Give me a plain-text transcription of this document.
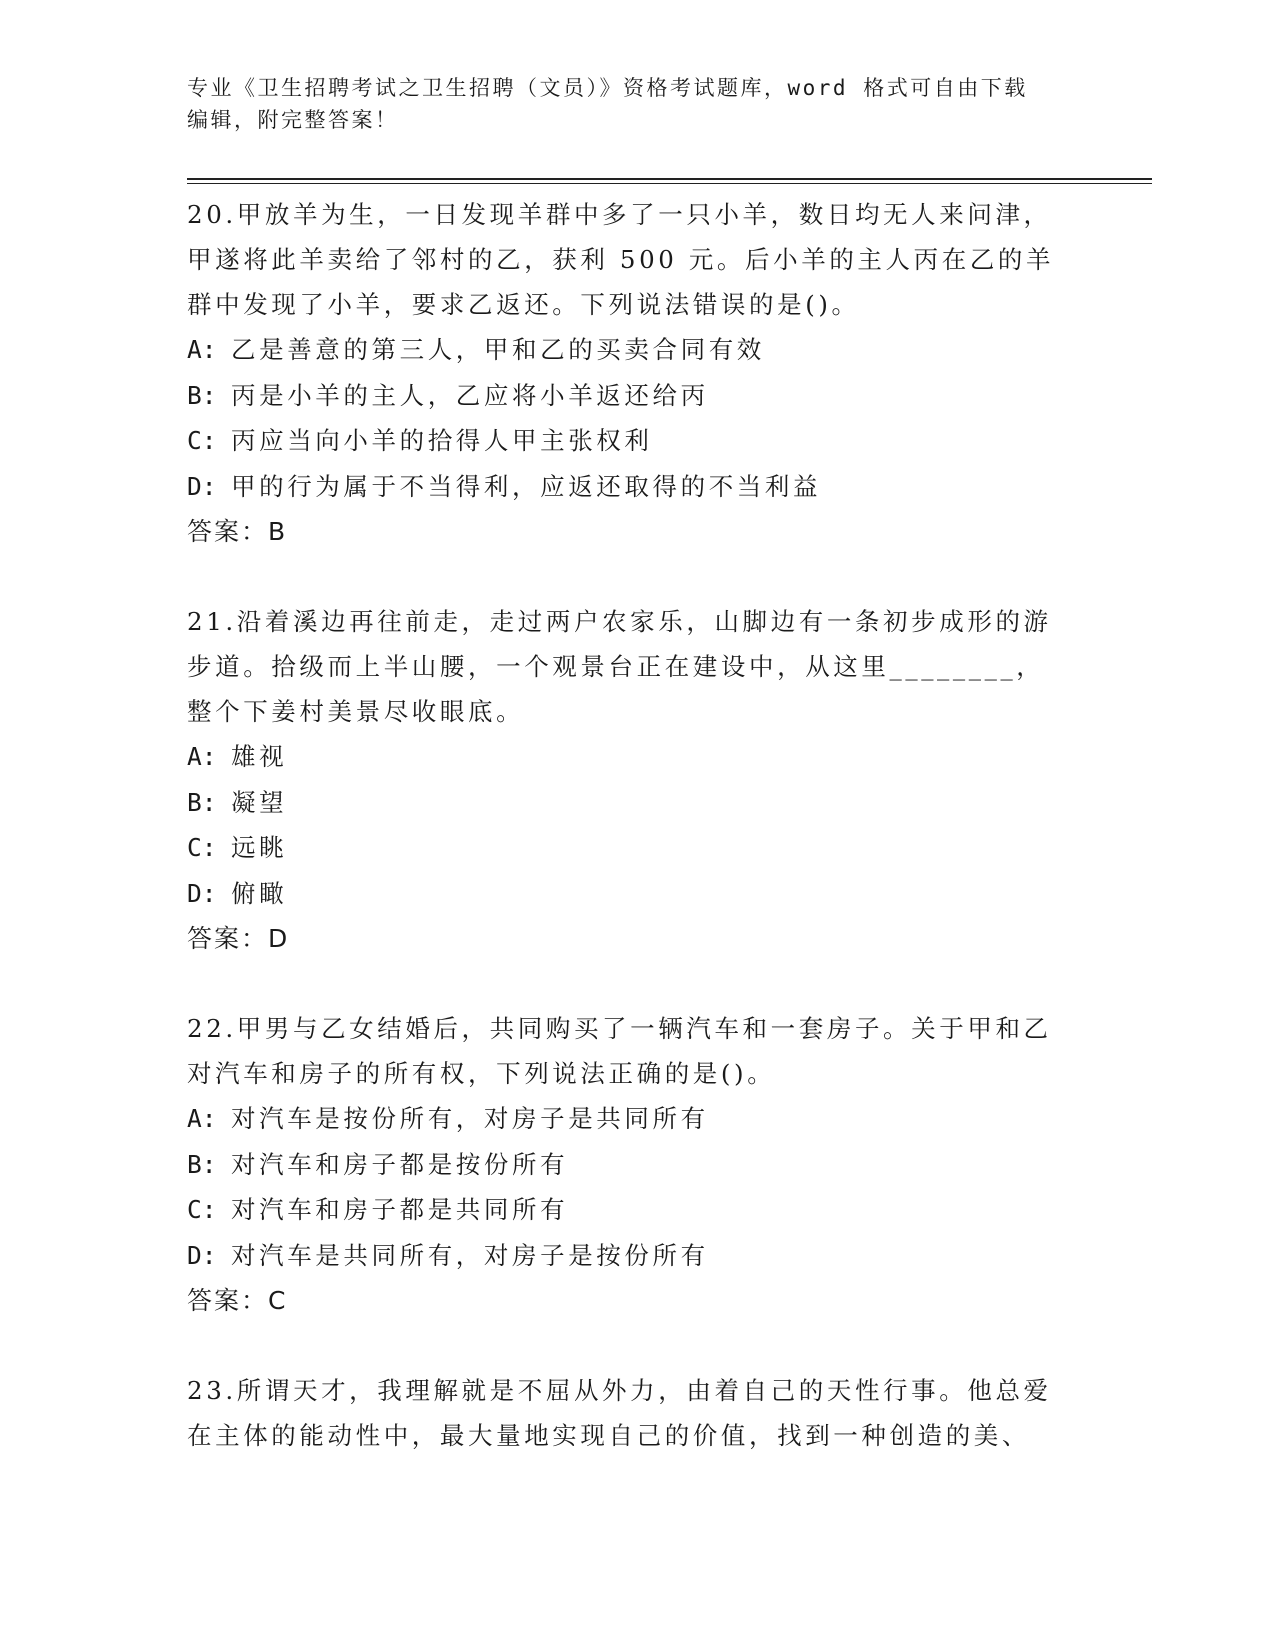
专业《卫生招聘考试之卫生招聘（文员）》资格考试题库，word 格式可自由下载
编辑，附完整答案！
20.甲放羊为生，一日发现羊群中多了一只小羊，数日均无人来问津，
甲遂将此羊卖给了邻村的乙，获利 500 元。后小羊的主人丙在乙的羊
群中发现了小羊，要求乙返还。下列说法错误的是()。
A: 乙是善意的第三人，甲和乙的买卖合同有效
B: 丙是小羊的主人，乙应将小羊返还给丙
C: 丙应当向小羊的拾得人甲主张权利
D: 甲的行为属于不当得利，应返还取得的不当利益
答案：B
21.沿着溪边再往前走，走过两户农家乐，山脚边有一条初步成形的游
步道。拾级而上半山腰，一个观景台正在建设中，从这里________，
整个下姜村美景尽收眼底。
A: 雄视
B: 凝望
C: 远眺
D: 俯瞰
答案：D
22.甲男与乙女结婚后，共同购买了一辆汽车和一套房子。关于甲和乙
对汽车和房子的所有权，下列说法正确的是()。
A: 对汽车是按份所有，对房子是共同所有
B: 对汽车和房子都是按份所有
C: 对汽车和房子都是共同所有
D: 对汽车是共同所有，对房子是按份所有
答案：C
23.所谓天才，我理解就是不屈从外力，由着自己的天性行事。他总爱
在主体的能动性中，最大量地实现自己的价值，找到一种创造的美、
